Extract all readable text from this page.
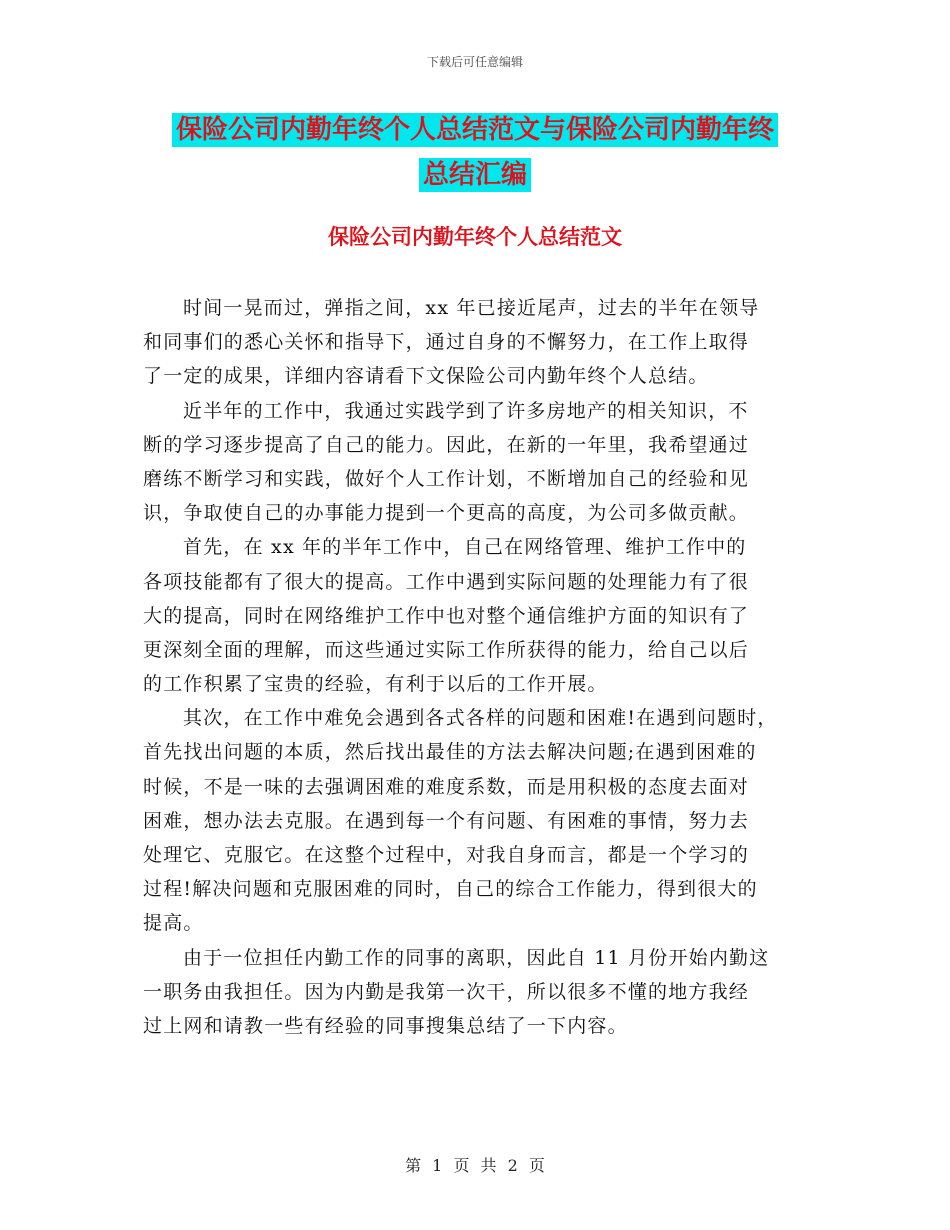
下载后可任意编辑
保险公司内勤年终个人总结范文与保险公司内勤年终
总结汇编
保险公司内勤年终个人总结范文
时间一晃而过，弹指之间，xx 年已接近尾声，过去的半年在领导
和同事们的悉心关怀和指导下，通过自身的不懈努力，在工作上取得
了一定的成果，详细内容请看下文保险公司内勤年终个人总结。
近半年的工作中，我通过实践学到了许多房地产的相关知识，不
断的学习逐步提高了自己的能力。因此，在新的一年里，我希望通过
磨练不断学习和实践，做好个人工作计划，不断增加自己的经验和见
识，争取使自己的办事能力提到一个更高的高度，为公司多做贡献。
首先，在 xx 年的半年工作中，自己在网络管理、维护工作中的
各项技能都有了很大的提高。工作中遇到实际问题的处理能力有了很
大的提高，同时在网络维护工作中也对整个通信维护方面的知识有了
更深刻全面的理解，而这些通过实际工作所获得的能力，给自己以后
的工作积累了宝贵的经验，有利于以后的工作开展。
其次，在工作中难免会遇到各式各样的问题和困难!在遇到问题时，
首先找出问题的本质，然后找出最佳的方法去解决问题;在遇到困难的
时候，不是一味的去强调困难的难度系数，而是用积极的态度去面对
困难，想办法去克服。在遇到每一个有问题、有困难的事情，努力去
处理它、克服它。在这整个过程中，对我自身而言，都是一个学习的
过程!解决问题和克服困难的同时，自己的综合工作能力，得到很大的
提高。
由于一位担任内勤工作的同事的离职，因此自 11 月份开始内勤这
一职务由我担任。因为内勤是我第一次干，所以很多不懂的地方我经
过上网和请教一些有经验的同事搜集总结了一下内容。
第 1 页 共 2 页
